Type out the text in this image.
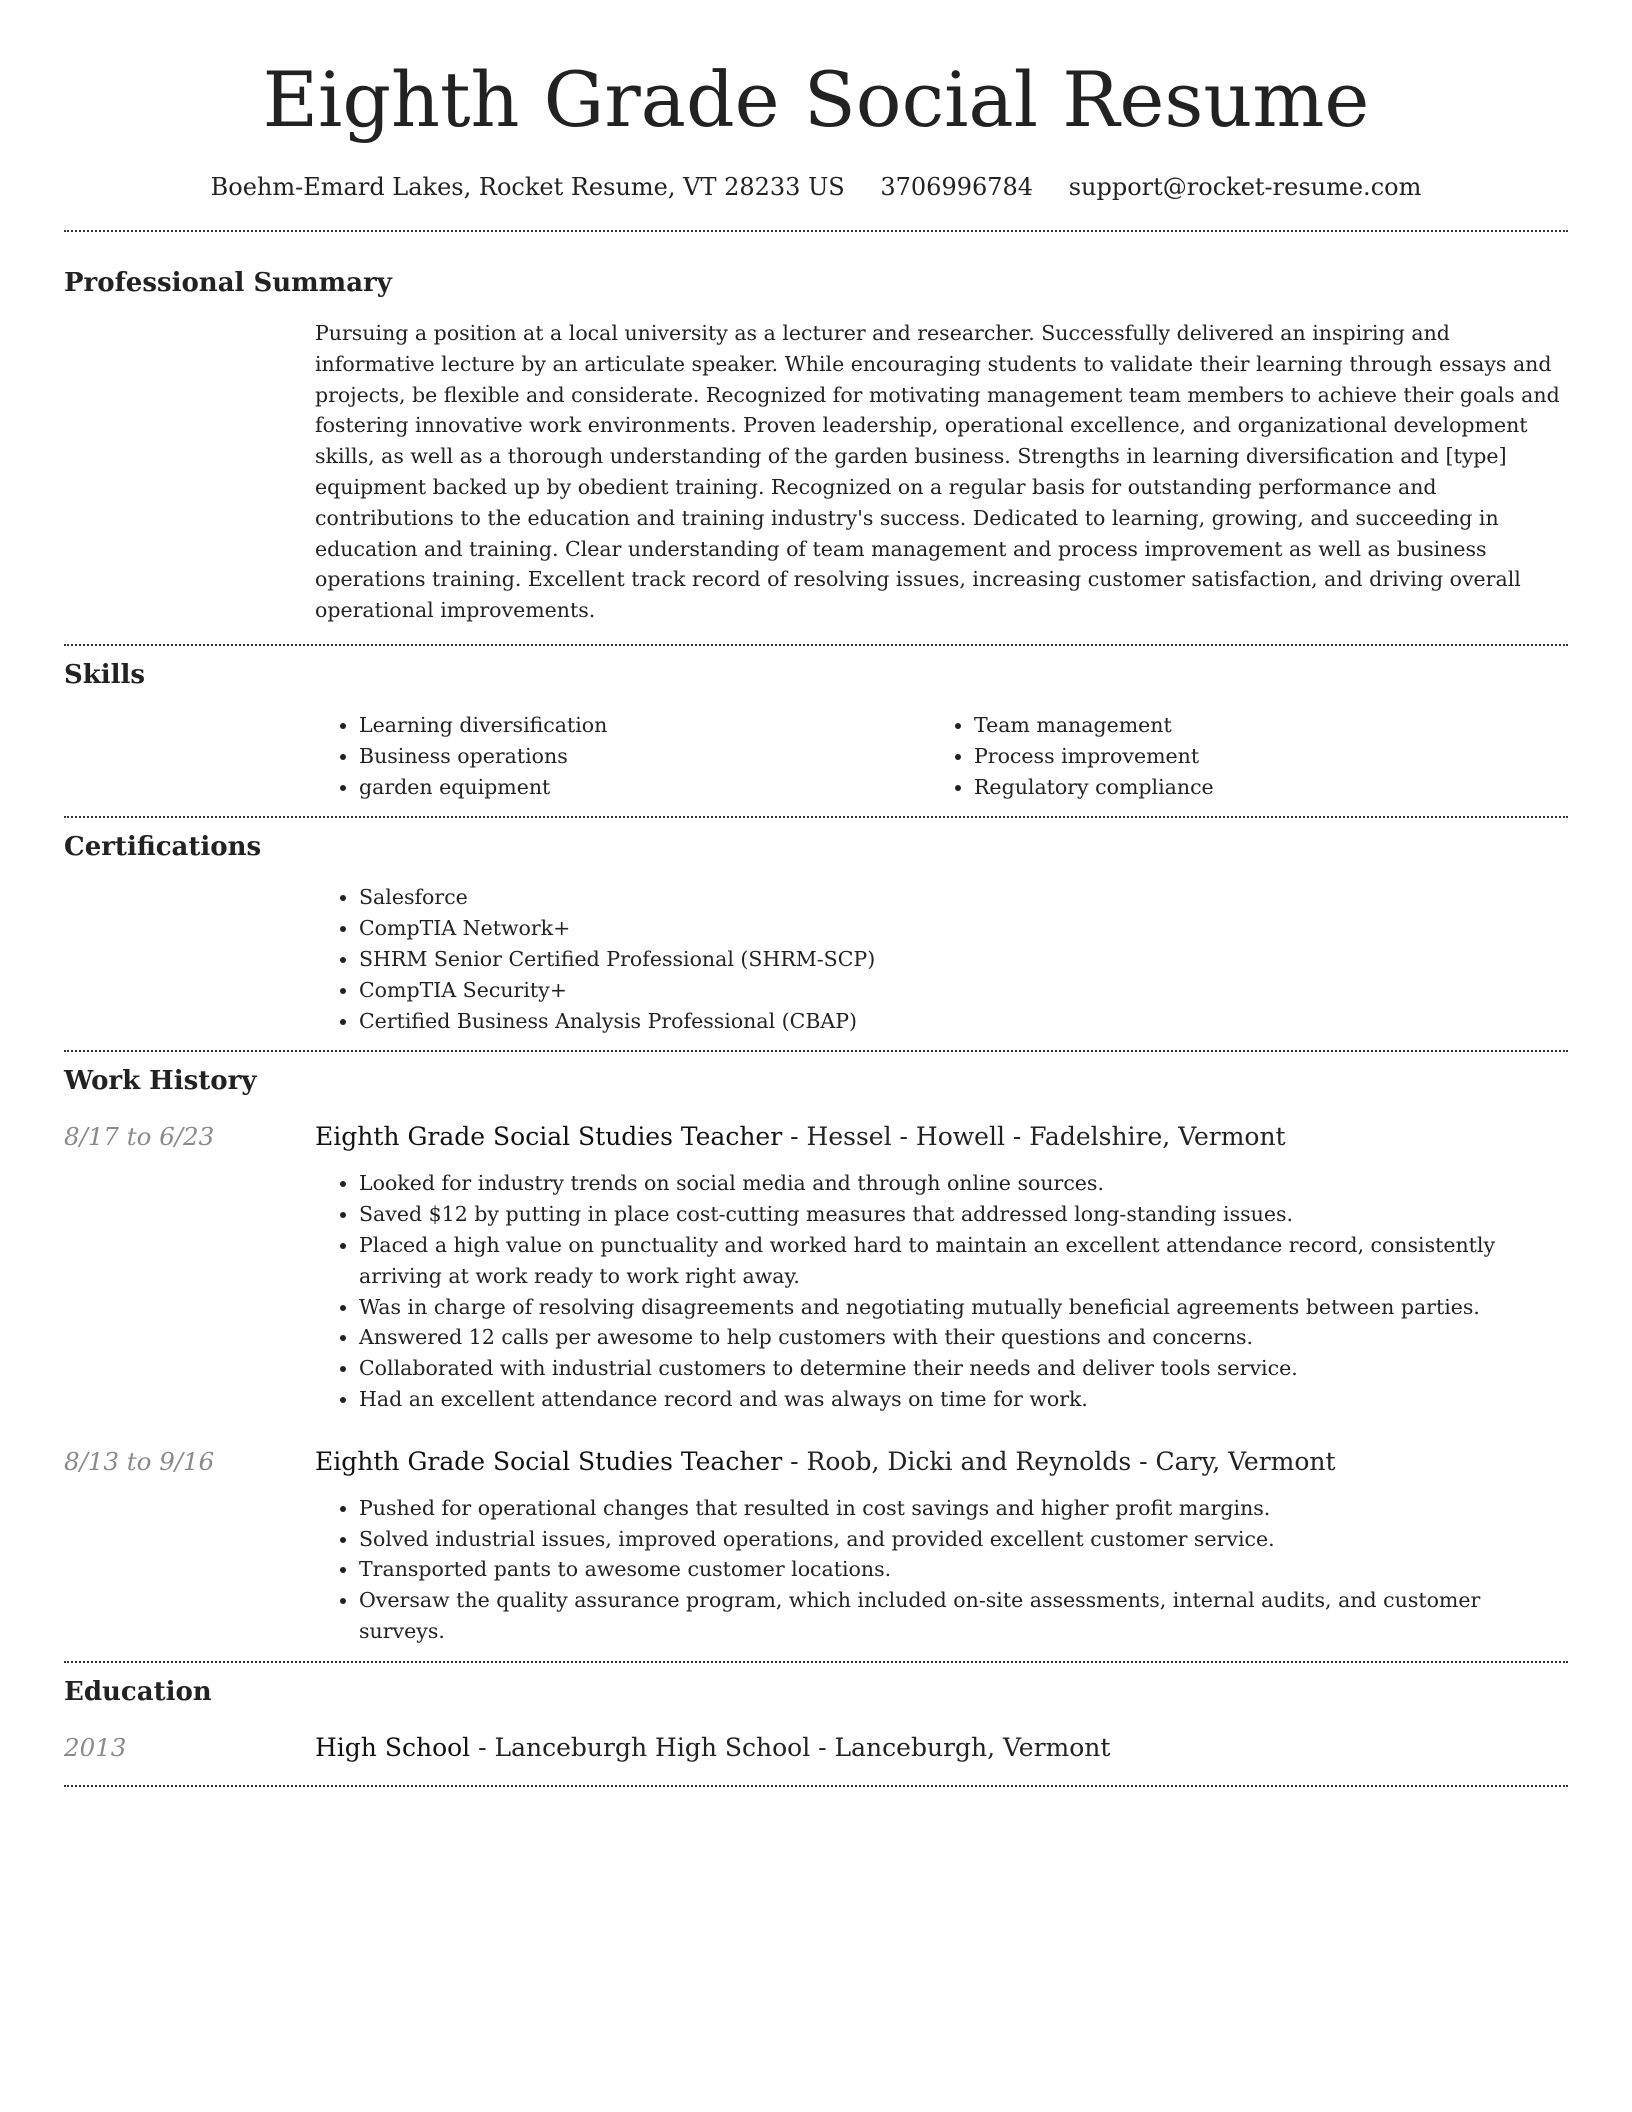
Eighth Grade Social Resume
Boehm-Emard Lakes, Rocket Resume, VT 28233 US 3706996784 support@rocket-resume.com
Professional Summary

Pursuing a position at a local university as a lecturer and researcher. Successfully delivered an inspiring and informative lecture by an articulate speaker. While encouraging students to validate their learning through essays and projects, be flexible and considerate. Recognized for motivating management team members to achieve their goals and fostering innovative work environments. Proven leadership, operational excellence, and organizational development skills, as well as a thorough understanding of the garden business. Strengths in learning diversification and [type] equipment backed up by obedient training. Recognized on a regular basis for outstanding performance and contributions to the education and training industry's success. Dedicated to learning, growing, and succeeding in education and training. Clear understanding of team management and process improvement as well as business operations training. Excellent track record of resolving issues, increasing customer satisfaction, and driving overall operational improvements.

Skills
• Learning diversification
• Business operations
• garden equipment
• Team management
• Process improvement
• Regulatory compliance
Certifications
• Salesforce
• CompTIA Network+
• SHRM Senior Certified Professional (SHRM-SCP)
• CompTIA Security+
• Certified Business Analysis Professional (CBAP)
Work History
8/17 to 6/23	Eighth Grade Social Studies Teacher - Hessel - Howell - Fadelshire, Vermont
• Looked for industry trends on social media and through online sources.
• Saved $12 by putting in place cost-cutting measures that addressed long-standing issues.
• Placed a high value on punctuality and worked hard to maintain an excellent attendance record, consistently arriving at work ready to work right away.
• Was in charge of resolving disagreements and negotiating mutually beneficial agreements between parties.
• Answered 12 calls per awesome to help customers with their questions and concerns.
• Collaborated with industrial customers to determine their needs and deliver tools service.
• Had an excellent attendance record and was always on time for work.
8/13 to 9/16	Eighth Grade Social Studies Teacher - Roob, Dicki and Reynolds - Cary, Vermont
• Pushed for operational changes that resulted in cost savings and higher profit margins.
• Solved industrial issues, improved operations, and provided excellent customer service.
• Transported pants to awesome customer locations.
• Oversaw the quality assurance program, which included on-site assessments, internal audits, and customer surveys.
Education
2013	High School - Lanceburgh High School - Lanceburgh, Vermont
